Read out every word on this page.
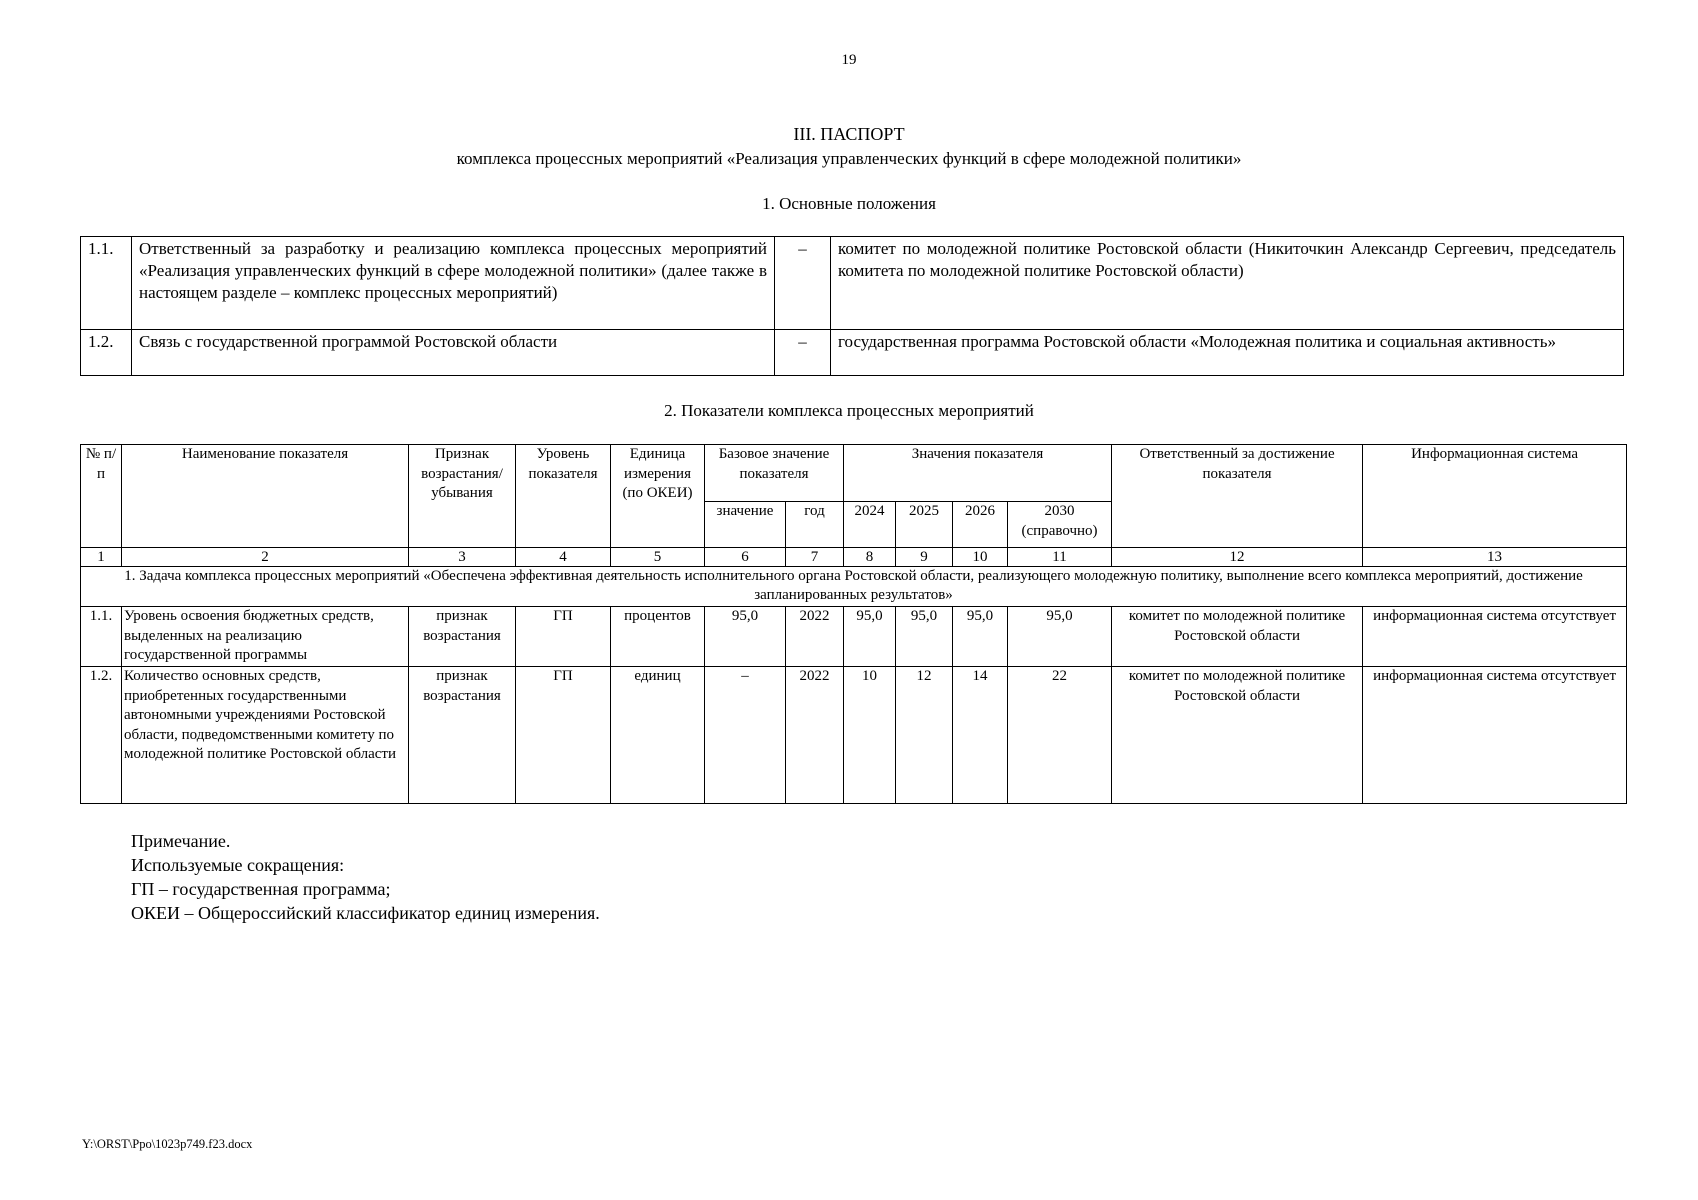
19
III. ПАСПОРТ
комплекса процессных мероприятий «Реализация управленческих функций в сфере молодежной политики»
1. Основные положения
1.1.	Ответственный за разработку и реализацию комплекса процессных мероприятий «Реализация управленческих функций в сфере молодежной политики» (далее также в настоящем разделе – комплекс процессных мероприятий)	–	комитет по молодежной политике Ростовской области (Никиточкин Александр Сергеевич, председатель комитета по молодежной политике Ростовской области)
1.2.	Связь с государственной программой Ростовской области	–	государственная программа Ростовской области «Молодежная политика и социальная активность»
2. Показатели комплекса процессных мероприятий
№ п/п	Наименование показателя	Признак возрастания/ убывания	Уровень показателя	Единица измерения (по ОКЕИ)	Базовое значение показателя		Значения показателя				Ответственный за достижение показателя	Информационная система
					значение	год	2024	2025	2026	2030 (справочно)		
1	2	3	4	5	6	7	8	9	10	11	12	13
1. Задача комплекса процессных мероприятий «Обеспечена эффективная деятельность исполнительного органа Ростовской области, реализующего молодежную политику, выполнение всего комплекса мероприятий, достижение запланированных результатов»												
1.1.	Уровень освоения бюджетных средств, выделенных на реализацию государственной программы	признак возрастания	ГП	процентов	95,0	2022	95,0	95,0	95,0	95,0	комитет по молодежной политике Ростовской области	информационная система отсутствует
1.2.	Количество основных средств, приобретенных государственными автономными учреждениями Ростовской области, подведомственными комитету по молодежной политике Ростовской области	признак возрастания	ГП	единиц	–	2022	10	12	14	22	комитет по молодежной политике Ростовской области	информационная система отсутствует
Примечание.
Используемые сокращения:
ГП – государственная программа;
ОКЕИ – Общероссийский классификатор единиц измерения.
Y:\ORST\Ppo\1023p749.f23.docx
